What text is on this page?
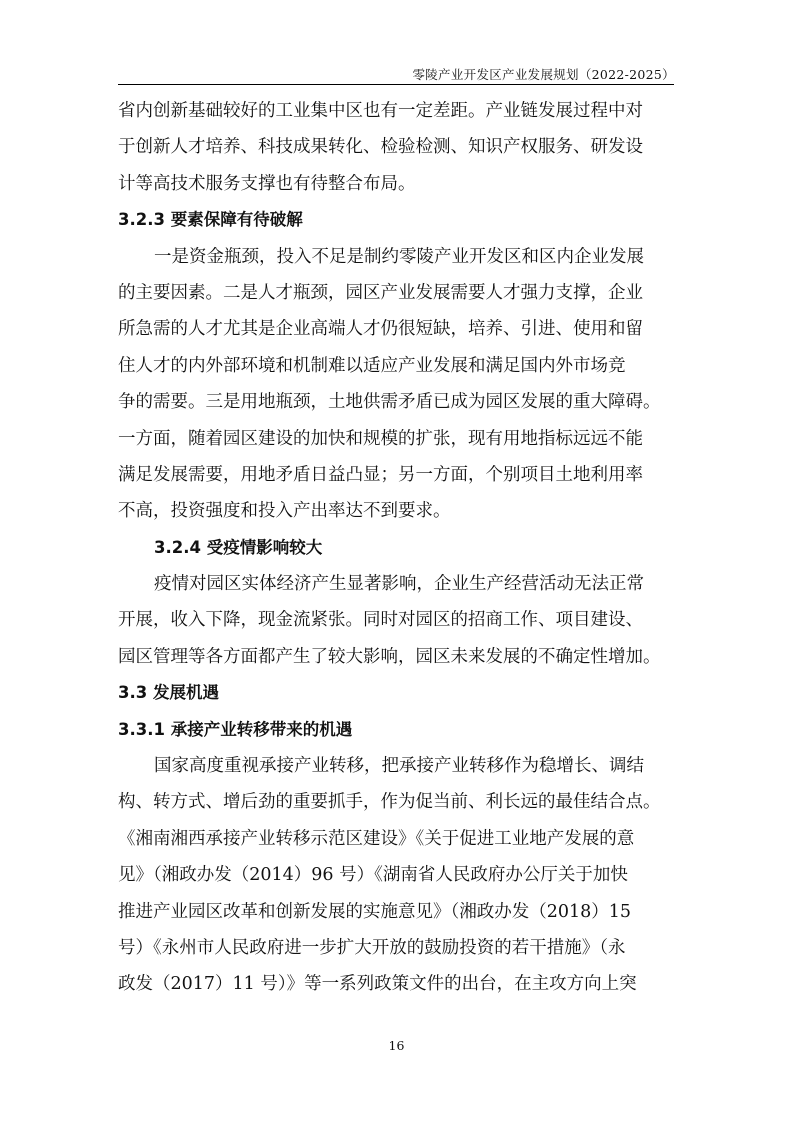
零陵产业开发区产业发展规划（2022-2025）
省内创新基础较好的工业集中区也有一定差距。产业链发展过程中对
于创新人才培养、科技成果转化、检验检测、知识产权服务、研发设
计等高技术服务支撑也有待整合布局。
3.2.3 要素保障有待破解
一是资金瓶颈，投入不足是制约零陵产业开发区和区内企业发展
的主要因素。二是人才瓶颈，园区产业发展需要人才强力支撑，企业
所急需的人才尤其是企业高端人才仍很短缺，培养、引进、使用和留
住人才的内外部环境和机制难以适应产业发展和满足国内外市场竞
争的需要。三是用地瓶颈，土地供需矛盾已成为园区发展的重大障碍。
一方面，随着园区建设的加快和规模的扩张，现有用地指标远远不能
满足发展需要，用地矛盾日益凸显；另一方面，个别项目土地利用率
不高，投资强度和投入产出率达不到要求。
3.2.4 受疫情影响较大
疫情对园区实体经济产生显著影响，企业生产经营活动无法正常
开展，收入下降，现金流紧张。同时对园区的招商工作、项目建设、
园区管理等各方面都产生了较大影响，园区未来发展的不确定性增加。
3.3 发展机遇
3.3.1 承接产业转移带来的机遇
国家高度重视承接产业转移，把承接产业转移作为稳增长、调结
构、转方式、增后劲的重要抓手，作为促当前、利长远的最佳结合点。
《湘南湘西承接产业转移示范区建设》《关于促进工业地产发展的意
见》（湘政办发（2014）96 号）《湖南省人民政府办公厅关于加快
推进产业园区改革和创新发展的实施意见》（湘政办发（2018）15
号）《永州市人民政府进一步扩大开放的鼓励投资的若干措施》（永
政发（2017）11 号）》等一系列政策文件的出台，在主攻方向上突
16
